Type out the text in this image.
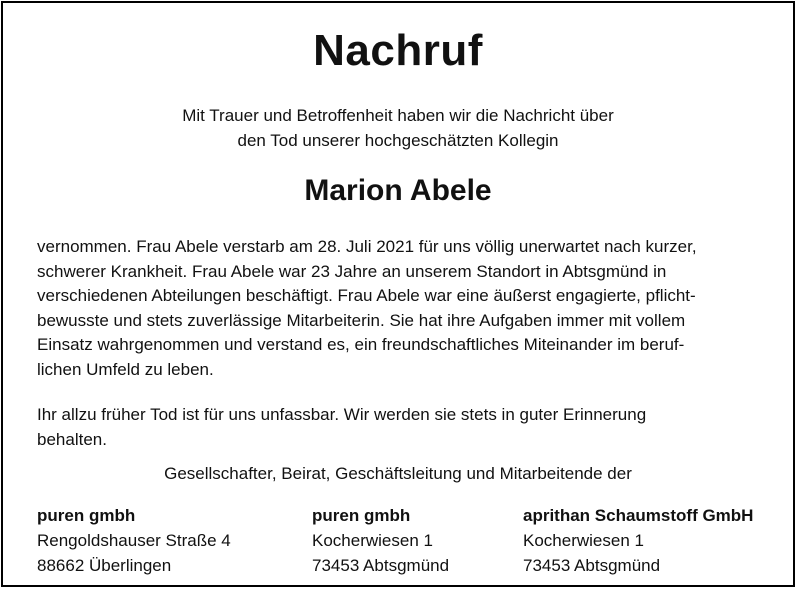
Nachruf
Mit Trauer und Betroffenheit haben wir die Nachricht über
den Tod unserer hochgeschätzten Kollegin
Marion Abele
vernommen. Frau Abele verstarb am 28. Juli 2021 für uns völlig unerwartet nach kurzer,
schwerer Krankheit. Frau Abele war 23 Jahre an unserem Standort in Abtsgmünd in
verschiedenen Abteilungen beschäftigt. Frau Abele war eine äußerst engagierte, pflicht-
bewusste und stets zuverlässige Mitarbeiterin. Sie hat ihre Aufgaben immer mit vollem
Einsatz wahrgenommen und verstand es, ein freundschaftliches Miteinander im beruf-
lichen Umfeld zu leben.
Ihr allzu früher Tod ist für uns unfassbar. Wir werden sie stets in guter Erinnerung
behalten.
Gesellschafter, Beirat, Geschäftsleitung und Mitarbeitende der
puren gmbh
Rengoldshauser Straße 4
88662 Überlingen
puren gmbh
Kocherwiesen 1
73453 Abtsgmünd
aprithan Schaumstoff GmbH
Kocherwiesen 1
73453 Abtsgmünd
